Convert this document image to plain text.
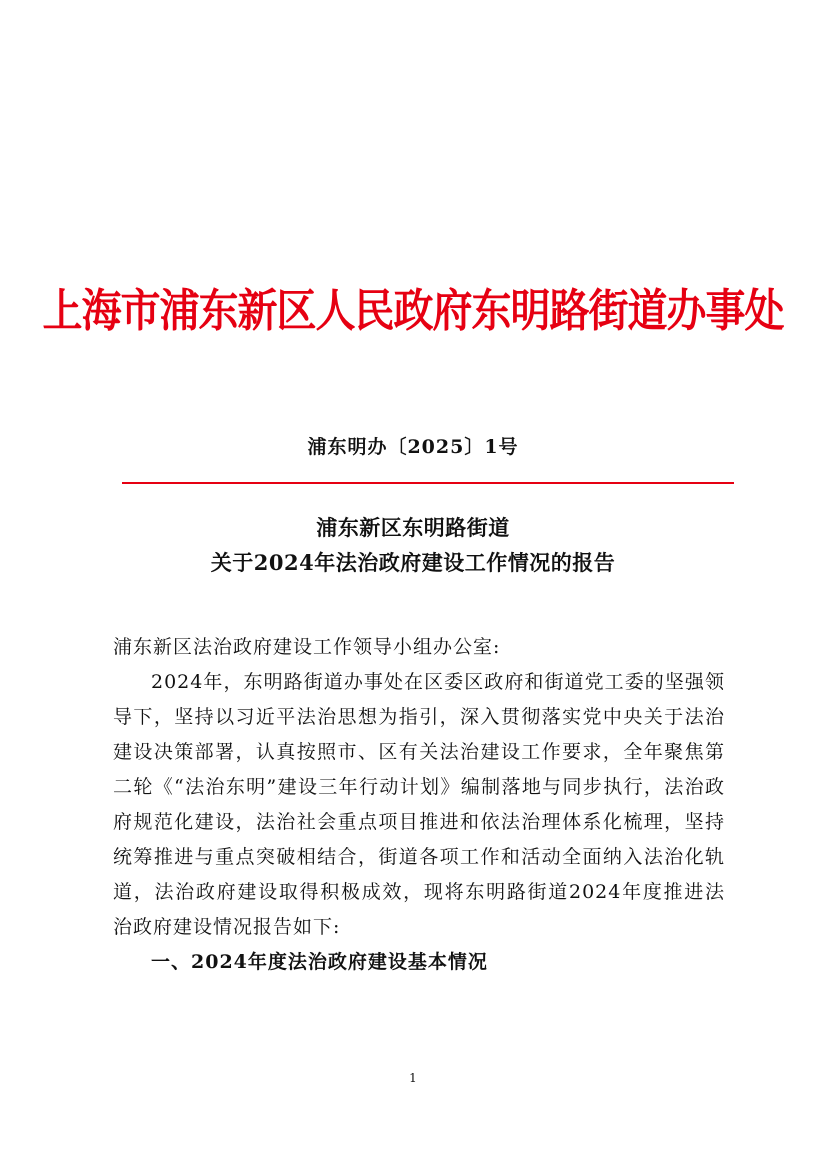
上海市浦东新区人民政府东明路街道办事处
浦东明办〔2025〕1号
浦东新区东明路街道
关于2024年法治政府建设工作情况的报告
浦东新区法治政府建设工作领导小组办公室:

2024年，东明路街道办事处在区委区政府和街道党工委的坚强领导下，坚持以习近平法治思想为指引，深入贯彻落实党中央关于法治建设决策部署，认真按照市、区有关法治建设工作要求，全年聚焦第二轮《“法治东明”建设三年行动计划》编制落地与同步执行，法治政府规范化建设，法治社会重点项目推进和依法治理体系化梳理，坚持统筹推进与重点突破相结合，街道各项工作和活动全面纳入法治化轨道，法治政府建设取得积极成效，现将东明路街道2024年度推进法治政府建设情况报告如下:

一、2024年度法治政府建设基本情况

1
